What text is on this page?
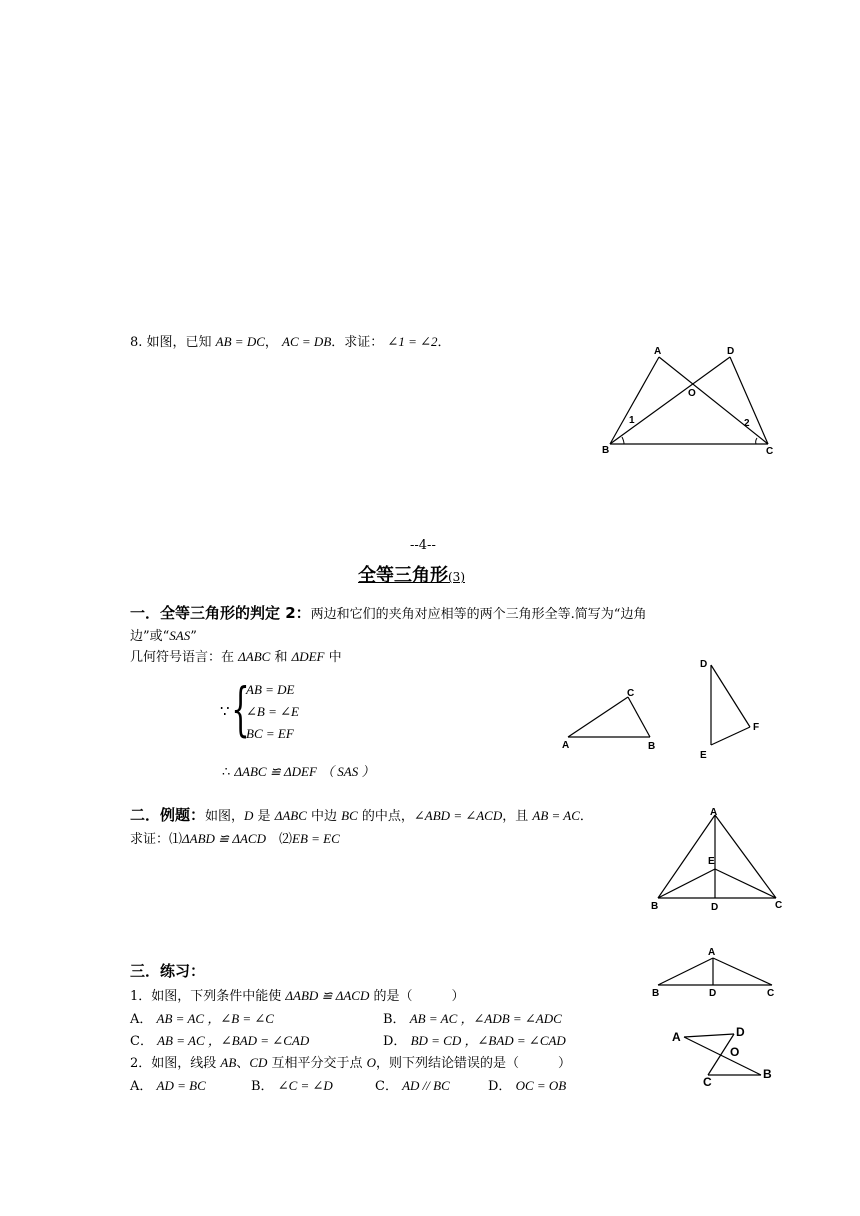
8. 如图，已知 AB = DC， AC = DB．求证： ∠1 = ∠2．
A	D
O
1	2
B	C
--4--
全等三角形(3)
一．全等三角形的判定 2：两边和它们的夹角对应相等的两个三角形全等.简写为“边角
边”或“SAS”
几何符号语言：在 ΔABC 和 ΔDEF 中
∵ {
AB = DE
∠B = ∠E
BC = EF
∴ ΔABC ≌ ΔDEF （ SAS ）
A	B
C
D
E
F
二．例题：如图，D 是 ΔABC 中边 BC 的中点，∠ABD = ∠ACD，且 AB = AC．
求证：⑴ΔABD ≌ ΔACD　 ⑵EB = EC
A
E
B	D	C
三．练习：
1．如图，下列条件中能使 ΔABD ≌ ΔACD 的是（　　　）
A． AB = AC ，∠B = ∠C	B． AB = AC ，∠ADB = ∠ADC
C． AB = AC ，∠BAD = ∠CAD	D． BD = CD ，∠BAD = ∠CAD
2．如图，线段 AB、CD 互相平分交于点 O，则下列结论错误的是（　　　）
A． AD = BC	B． ∠C = ∠D	C． AD // BC	D． OC = OB
A
B	D	C
A	D
O
C
B
